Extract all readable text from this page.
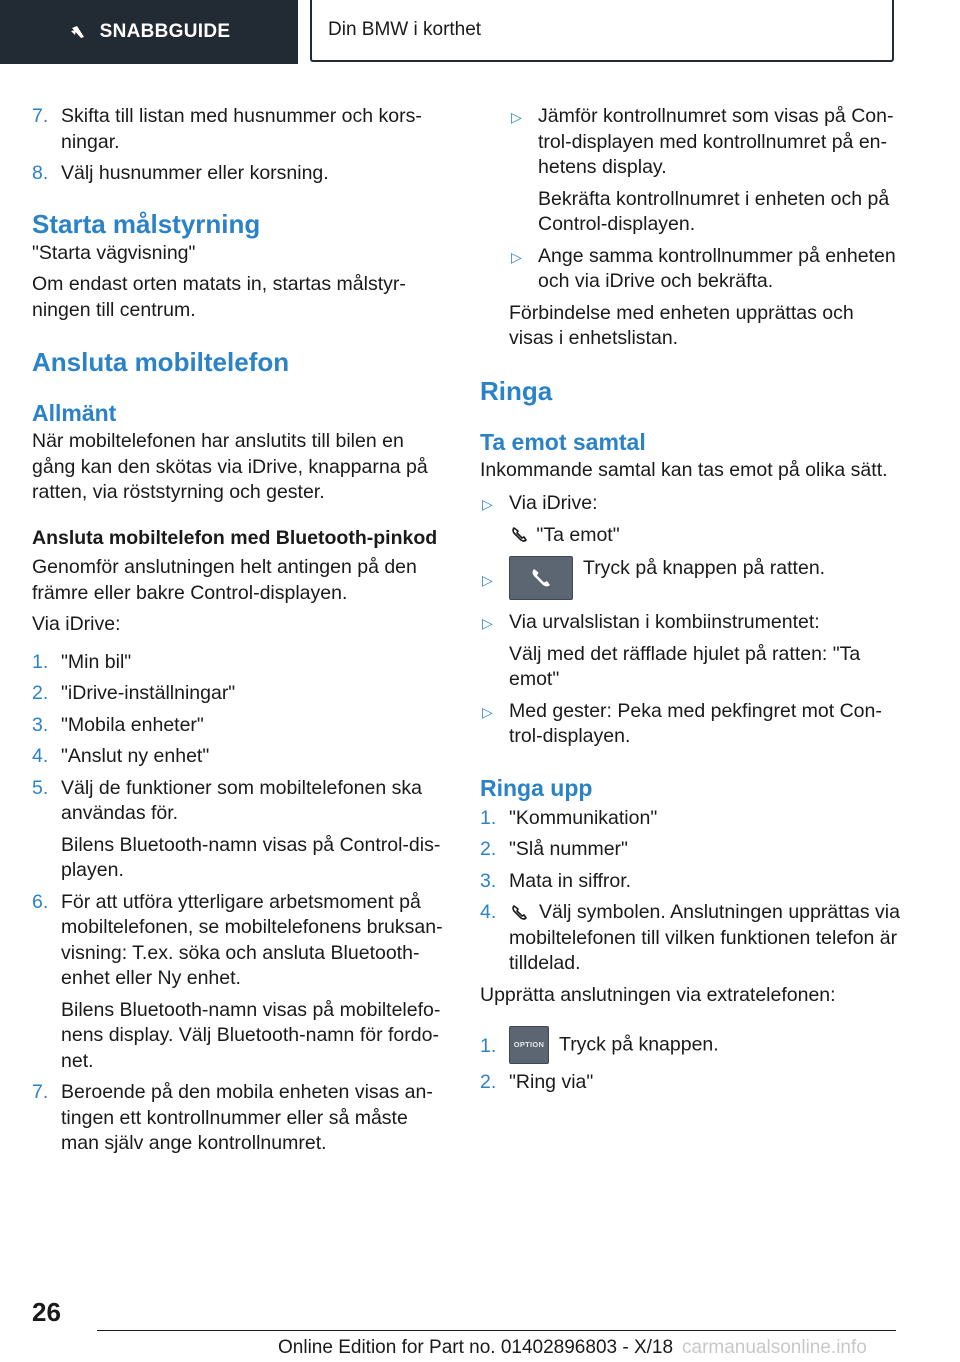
SNABBGUIDE	Din BMW i korthet
7. Skifta till listan med husnummer och korsningar.
8. Välj husnummer eller korsning.
Starta målstyrning

"Starta vägvisning"

Om endast orten matats in, startas målstyrningen till centrum.

Ansluta mobiltelefon
Allmänt

När mobiltelefonen har anslutits till bilen en gång kan den skötas via iDrive, knapparna på ratten, via röststyrning och gester.

Ansluta mobiltelefon med Bluetooth-pinkod

Genomför anslutningen helt antingen på den främre eller bakre Control-displayen.

Via iDrive:

1. "Min bil"
2. "iDrive-inställningar"
3. "Mobila enheter"
4. "Anslut ny enhet"
5. Välj de funktioner som mobiltelefonen ska användas för.

Bilens Bluetooth-namn visas på Control-displayen.

6. För att utföra ytterligare arbetsmoment på mobiltelefonen, se mobiltelefonens bruksanvisning: T.ex. söka och ansluta Bluetooth-enhet eller Ny enhet.

Bilens Bluetooth-namn visas på mobiltelefonens display. Välj Bluetooth-namn för fordonet.

7. Beroende på den mobila enheten visas antingen ett kontrollnummer eller så måste man själv ange kontrollnumret.
▷ Jämför kontrollnumret som visas på Control-displayen med kontrollnumret på enhetens display.

Bekräfta kontrollnumret i enheten och på Control-displayen.

▷ Ange samma kontrollnummer på enheten och via iDrive och bekräfta.

Förbindelse med enheten upprättas och visas i enhetslistan.

Ringa
Ta emot samtal

Inkommande samtal kan tas emot på olika sätt.

▷ Via iDrive:

"Ta emot"

▷
Tryck på knappen på ratten.
▷ Via urvalslistan i kombiinstrumentet:

Välj med det räfflade hjulet på ratten: "Ta emot"

▷ Med gester: Peka med pekfingret mot Control-displayen.
Ringa upp
1. "Kommunikation"
2. "Slå nummer"
3. Mata in siffror.
4. Välj symbolen. Anslutningen upprättas via mobiltelefonen till vilken funktionen telefon är tilldelad.

Upprätta anslutningen via extratelefonen:

1. OPTION Tryck på knappen.
2. "Ring via"
26
Online Edition for Part no. 01402896803 - X/18 carmanualsonline.info
